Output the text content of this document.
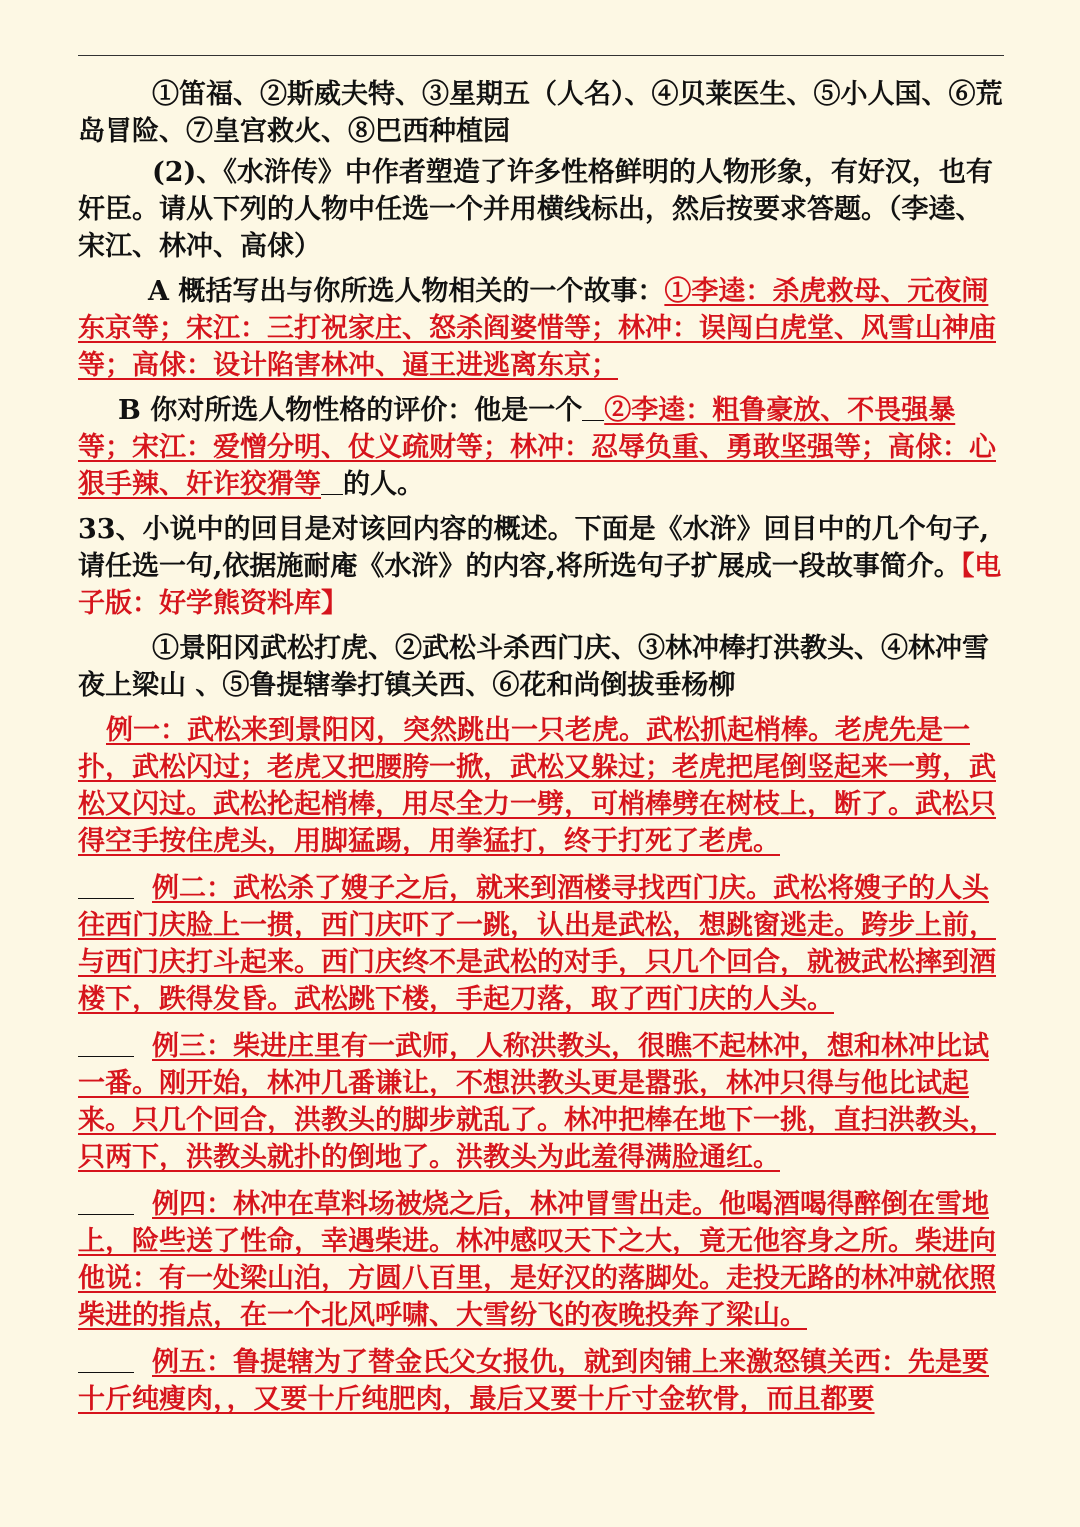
①笛福、②斯威夫特、③星期五（人名）、④贝莱医生、⑤小人国、⑥荒岛冒险、⑦皇宫救火、⑧巴西种植园

(2)、《水浒传》中作者塑造了许多性格鲜明的人物形象，有好汉，也有奸臣。请从下列的人物中任选一个并用横线标出，然后按要求答题。（李逵、宋江、林冲、高俅）

A 概括写出与你所选人物相关的一个故事：①李逵：杀虎救母、元夜闹东京等；宋江：三打祝家庄、怒杀阎婆惜等；林冲：误闯白虎堂、风雪山神庙等；高俅：设计陷害林冲、逼王进逃离东京；

B 你对所选人物性格的评价：他是一个 ②李逵：粗鲁豪放、不畏强暴等；宋江：爱憎分明、仗义疏财等；林冲：忍辱负重、勇敢坚强等；高俅：心狠手辣、奸诈狡猾等 的人。

33、小说中的回目是对该回内容的概述。下面是《水浒》回目中的几个句子,请任选一句,依据施耐庵《水浒》的内容,将所选句子扩展成一段故事简介。【电子版：好学熊资料库】

①景阳冈武松打虎、②武松斗杀西门庆、③林冲棒打洪教头、④林冲雪夜上梁山 、⑤鲁提辖拳打镇关西、⑥花和尚倒拔垂杨柳

例一：武松来到景阳冈，突然跳出一只老虎。武松抓起梢棒。老虎先是一扑，武松闪过；老虎又把腰胯一掀，武松又躲过；老虎把尾倒竖起来一剪，武松又闪过。武松抡起梢棒，用尽全力一劈，可梢棒劈在树枝上，断了。武松只得空手按住虎头，用脚猛踢，用拳猛打，终于打死了老虎。

例二：武松杀了嫂子之后，就来到酒楼寻找西门庆。武松将嫂子的人头往西门庆脸上一掼，西门庆吓了一跳，认出是武松，想跳窗逃走。跨步上前，与西门庆打斗起来。西门庆终不是武松的对手，只几个回合，就被武松摔到酒楼下，跌得发昏。武松跳下楼，手起刀落，取了西门庆的人头。

例三：柴进庄里有一武师，人称洪教头，很瞧不起林冲，想和林冲比试一番。刚开始，林冲几番谦让，不想洪教头更是嚣张，林冲只得与他比试起来。只几个回合，洪教头的脚步就乱了。林冲把棒在地下一挑，直扫洪教头，只两下，洪教头就扑的倒地了。洪教头为此羞得满脸通红。

例四：林冲在草料场被烧之后，林冲冒雪出走。他喝酒喝得醉倒在雪地上，险些送了性命，幸遇柴进。林冲感叹天下之大，竟无他容身之所。柴进向他说：有一处梁山泊，方圆八百里，是好汉的落脚处。走投无路的林冲就依照柴进的指点，在一个北风呼啸、大雪纷飞的夜晚投奔了梁山。

例五：鲁提辖为了替金氏父女报仇，就到肉铺上来激怒镇关西：先是要十斤纯瘦肉，，又要十斤纯肥肉，最后又要十斤寸金软骨，而且都要
